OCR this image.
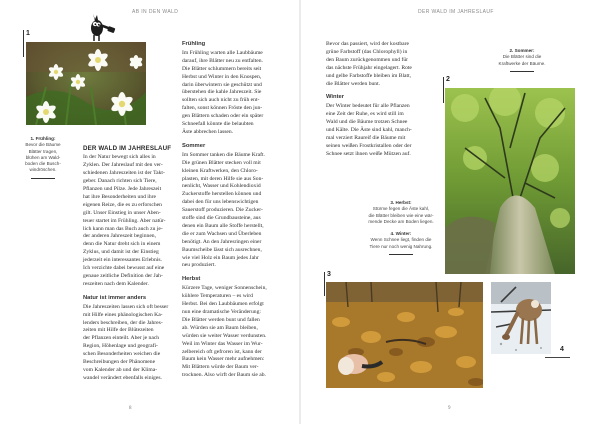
AB IN DEN WALD
1
1. Frühling:
Bevor die Bäume
Blätter tragen,
blühen am Wald-
boden die Busch-
windröschen.
DER WALD IM JAHRESLAUF

In der Natur bewegt sich alles in

Zyklen. Der Jahreslauf mit den ver-

schiedenen Jahreszeiten ist der Takt-

geber. Danach richten sich Tiere,

Pflanzen und Pilze. Jede Jahreszeit

hat ihre Besonderheiten und ihre

eigenen Reize, die es zu erforschen

gilt. Unser Einstieg in unser Aben-

teuer startet im Frühling. Aber natür-

lich kann man das Buch auch zu je-

der anderen Jahreszeit beginnen,

denn die Natur dreht sich in einem

Zyklus, und damit ist der Einstieg

jederzeit ein interessantes Erlebnis.

Ich verzichte dabei bewusst auf eine

genaue zeitliche Definition der Jah-

reszeiten nach dem Kalender.

Natur ist immer anders

Die Jahreszeiten lassen sich oft besser

mit Hilfe eines phänologischen Ka-

lenders beschreiben, der die Jahres-

zeiten mit Hilfe der Blütezeiten

der Pflanzen einteilt. Aber je nach

Region, Höhenlage und geografi-

schen Besonderheiten weichen die

Beschreibungen der Phänomene

vom Kalender ab und der Klima-

wandel verändert ebenfalls einiges.

Frühling

Im Frühling warten alle Laubbäume

darauf, ihre Blätter neu zu entfalten.

Die Blätter schlummern bereits seit

Herbst und Winter in den Knospen,

darin überwintern sie geschützt und

überstehen die kahle Jahreszeit. Sie

sollten sich auch nicht zu früh ent-

falten, sonst können Fröste den jun-

gen Blättern schaden oder ein später

Schneefall könnte die belaubten

Äste abbrechen lassen.

Sommer

Im Sommer tanken die Bäume Kraft.

Die grünen Blätter stecken voll mit

kleinen Kraftwerken, den Chloro-

plasten, mit deren Hilfe sie aus Son-

nenlicht, Wasser und Kohlendioxid

Zuckerstoffe herstellen können und

dabei den für uns lebenswichtigen

Sauerstoff produzieren. Die Zucker-

stoffe sind die Grundbausteine, aus

denen ein Baum alle Stoffe herstellt,

die er zum Wachsen und Überleben

benötigt. An den Jahresringen einer

Baumscheibe lässt sich ausrechnen,

wie viel Holz ein Baum jedes Jahr

neu produziert.

Herbst

Kürzere Tage, weniger Sonnenschein,

kühlere Temperaturen – es wird

Herbst. Bei den Laubbäumen erfolgt

nun eine dramatische Veränderung:

Die Blätter werden bunt und fallen

ab. Würden sie am Baum bleiben,

würden sie weiter Wasser verdunsten.

Weil im Winter das Wasser im Wur-

zelbereich oft gefroren ist, kann der

Baum kein Wasser mehr aufnehmen:

Mit Blättern würde der Baum ver-

trocknen. Also wirft der Baum sie ab.

8
DER WALD IM JAHRESLAUF

Bevor das passiert, wird der kostbare

grüne Farbstoff (das Chlorophyll) in

den Baum zurückgenommen und für

das nächste Frühjahr eingelagert. Rote

und gelbe Farbstoffe bleiben im Blatt,

die Blätter werden bunt.

Winter

Der Winter bedeutet für alle Pflanzen

eine Zeit der Ruhe, es wird still im

Wald und die Bäume trotzen Schnee

und Kälte. Die Äste sind kahl, manch-

mal verziert Raureif die Bäume mit

seinen weißen Frostkristallen oder der

Schnee setzt ihnen weiße Mützen auf.

2. Sommer:
Die Blätter sind die
Kraftwerke der Bäume.
2
3. Herbst:
Stürme fegen die Äste kahl,
die Blätter bleiben wie eine wär-
mende Decke am Boden liegen.
4. Winter:
Wenn Schnee liegt, finden die
Tiere nur noch wenig Nahrung.
3
4
9
